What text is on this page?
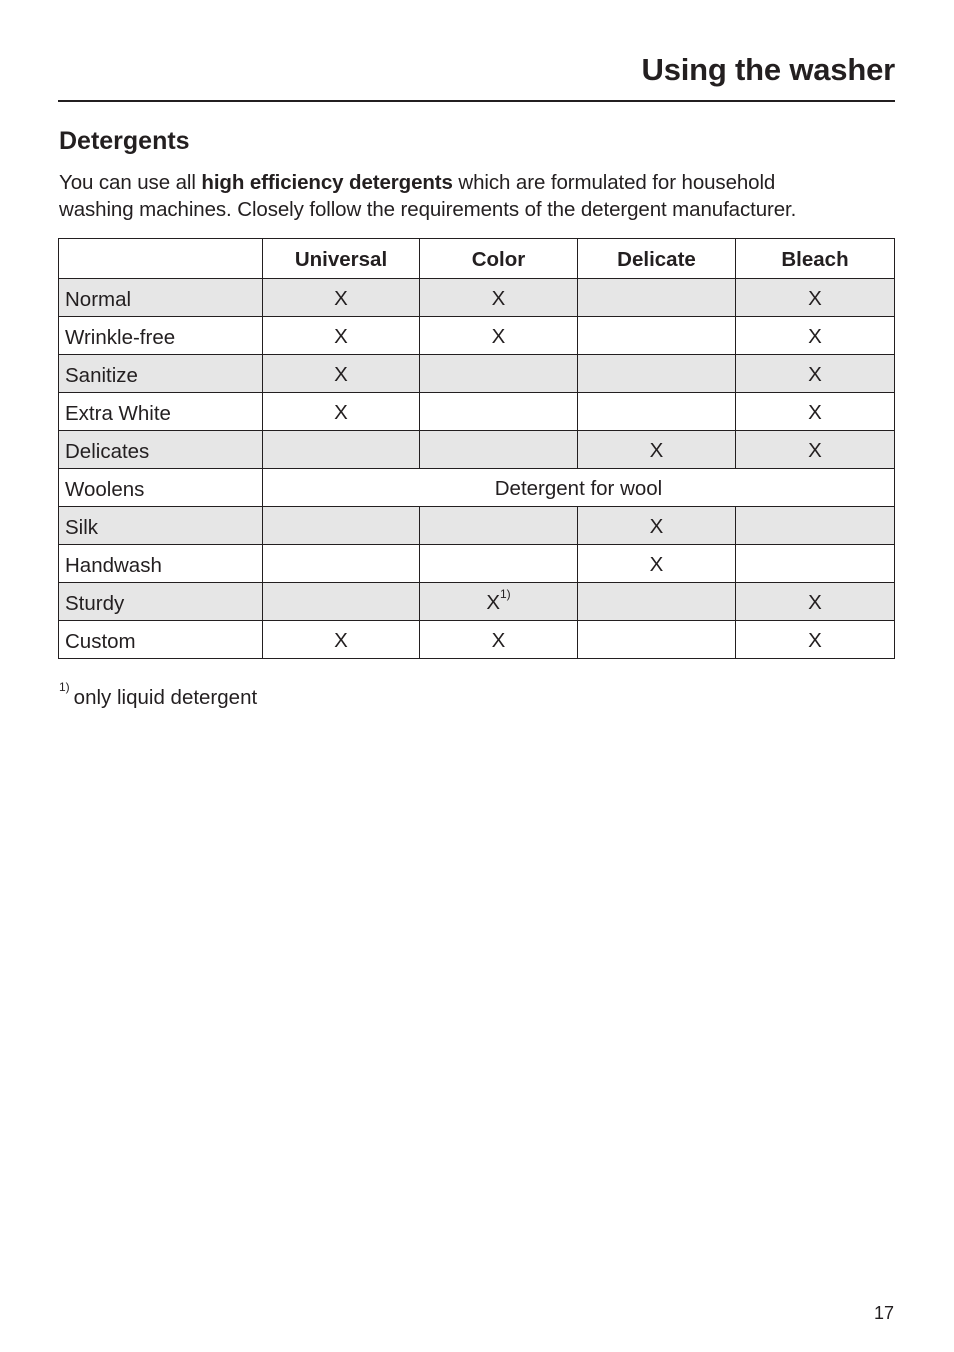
Using the washer
Detergents

You can use all high efficiency detergents which are formulated for household
washing machines. Closely follow the requirements of the detergent manufacturer.

	Universal	Color	Delicate	Bleach
Normal	X	X		X
Wrinkle-free	X	X		X
Sanitize	X			X
Extra White	X			X
Delicates			X	X
Woolens	Detergent for wool			
Silk			X	
Handwash			X	
Sturdy		X$^{1)}$		X
Custom	X	X		X
$^{1)}$ only liquid detergent
17
